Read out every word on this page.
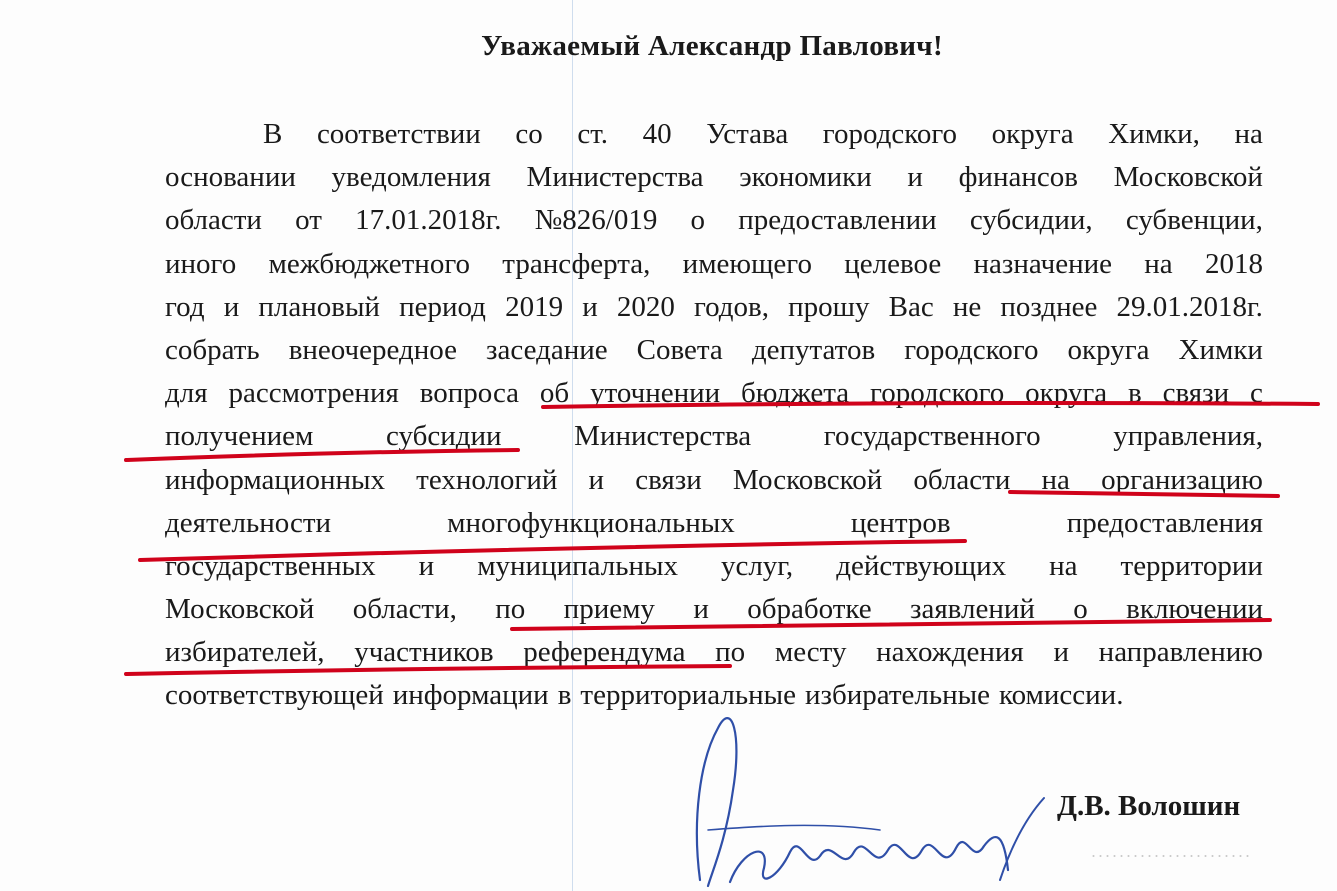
Уважаемый Александр Павлович!
В соответствии со ст. 40 Устава городского округа Химки, на
основании уведомления Министерства экономики и финансов Московской
области от 17.01.2018г. №826/019 о предоставлении субсидии, субвенции,
иного межбюджетного трансферта, имеющего целевое назначение на 2018
год и плановый период 2019 и 2020 годов, прошу Вас не позднее 29.01.2018г.
собрать внеочередное заседание Совета депутатов городского округа Химки
для рассмотрения вопроса об уточнении бюджета городского округа в связи с
получением	субсидии	Министерства	государственного	управления,
информационных технологий и связи Московской области на организацию
деятельности	многофункциональных	центров	предоставления
государственных и муниципальных услуг, действующих на территории
Московской области, по приему и обработке заявлений о включении
избирателей, участников референдума по месту нахождения и направлению
соответствующей информации в территориальные избирательные комиссии.
Д.В. Волошин
